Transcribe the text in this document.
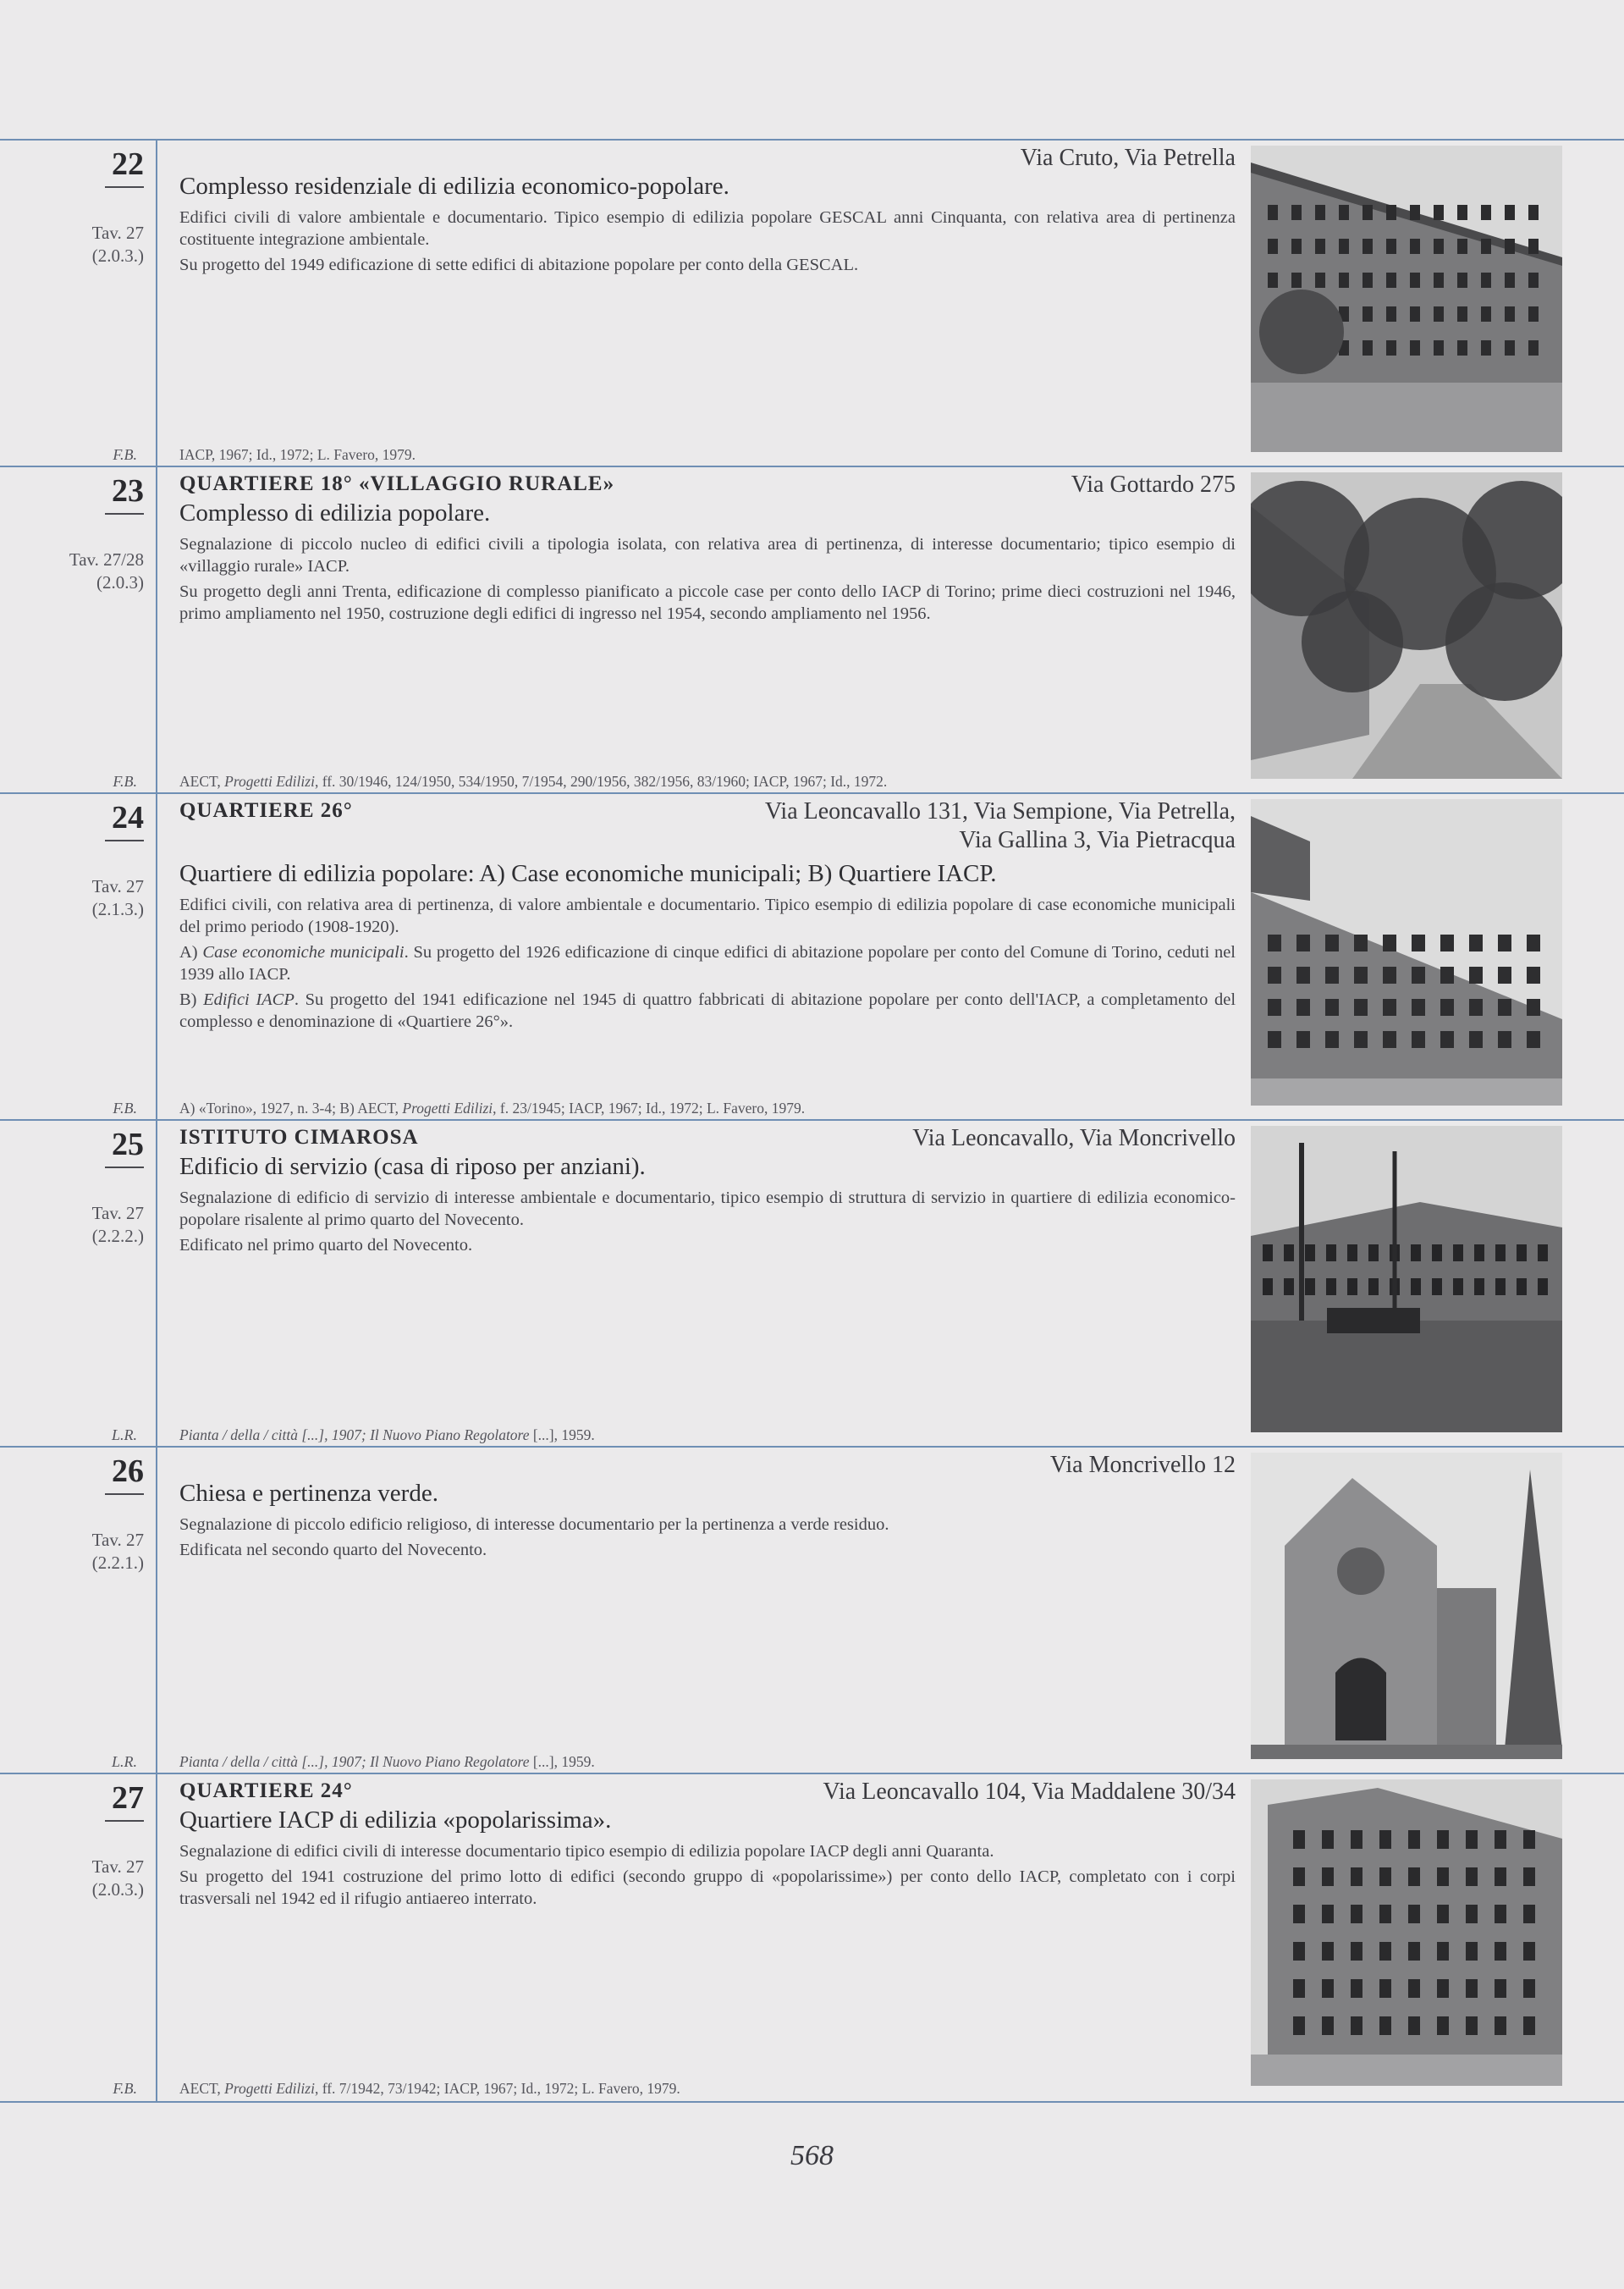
22
Tav. 27
(2.0.3.)
F.B.
Via Cruto, Via Petrella
Complesso residenziale di edilizia economico-popolare.

Edifici civili di valore ambientale e documentario. Tipico esempio di edilizia popolare GESCAL anni Cinquanta, con relativa area di pertinenza costituente integrazione ambientale.

Su progetto del 1949 edificazione di sette edifici di abitazione popolare per conto della GESCAL.

IACP, 1967; Id., 1972; L. Favero, 1979.
23
Tav. 27/28
(2.0.3)
F.B.
QUARTIERE 18° «VILLAGGIO RURALE»	Via Gottardo 275
Complesso di edilizia popolare.

Segnalazione di piccolo nucleo di edifici civili a tipologia isolata, con relativa area di pertinenza, di interesse documentario; tipico esempio di «villaggio rurale» IACP.

Su progetto degli anni Trenta, edificazione di complesso pianificato a piccole case per conto dello IACP di Torino; prime dieci costruzioni nel 1946, primo ampliamento nel 1950, costruzione degli edifici di ingresso nel 1954, secondo ampliamento nel 1956.

AECT, Progetti Edilizi, ff. 30/1946, 124/1950, 534/1950, 7/1954, 290/1956, 382/1956, 83/1960; IACP, 1967; Id., 1972.
24
Tav. 27
(2.1.3.)
F.B.
QUARTIERE 26°	Via Leoncavallo 131, Via Sempione, Via Petrella,
Via Gallina 3, Via Pietracqua
Quartiere di edilizia popolare: A) Case economiche municipali; B) Quartiere IACP.

Edifici civili, con relativa area di pertinenza, di valore ambientale e documentario. Tipico esempio di edilizia popolare di case economiche municipali del primo periodo (1908-1920).

A) Case economiche municipali. Su progetto del 1926 edificazione di cinque edifici di abitazione popolare per conto del Comune di Torino, ceduti nel 1939 allo IACP.

B) Edifici IACP. Su progetto del 1941 edificazione nel 1945 di quattro fabbricati di abitazione popolare per conto dell'IACP, a completamento del complesso e denominazione di «Quartiere 26°».

A) «Torino», 1927, n. 3-4; B) AECT, Progetti Edilizi, f. 23/1945; IACP, 1967; Id., 1972; L. Favero, 1979.
25
Tav. 27
(2.2.2.)
L.R.
ISTITUTO CIMAROSA	Via Leoncavallo, Via Moncrivello
Edificio di servizio (casa di riposo per anziani).

Segnalazione di edificio di servizio di interesse ambientale e documentario, tipico esempio di struttura di servizio in quartiere di edilizia economico-popolare risalente al primo quarto del Novecento.

Edificato nel primo quarto del Novecento.

Pianta / della / città [...], 1907; Il Nuovo Piano Regolatore [...], 1959.
26
Tav. 27
(2.2.1.)
L.R.
Via Moncrivello 12
Chiesa e pertinenza verde.

Segnalazione di piccolo edificio religioso, di interesse documentario per la pertinenza a verde residuo.

Edificata nel secondo quarto del Novecento.

Pianta / della / città [...], 1907; Il Nuovo Piano Regolatore [...], 1959.
27
Tav. 27
(2.0.3.)
F.B.
QUARTIERE 24°	Via Leoncavallo 104, Via Maddalene 30/34
Quartiere IACP di edilizia «popolarissima».

Segnalazione di edifici civili di interesse documentario tipico esempio di edilizia popolare IACP degli anni Quaranta.

Su progetto del 1941 costruzione del primo lotto di edifici (secondo gruppo di «popolarissime») per conto dello IACP, completato con i corpi trasversali nel 1942 ed il rifugio antiaereo interrato.

AECT, Progetti Edilizi, ff. 7/1942, 73/1942; IACP, 1967; Id., 1972; L. Favero, 1979.
568
